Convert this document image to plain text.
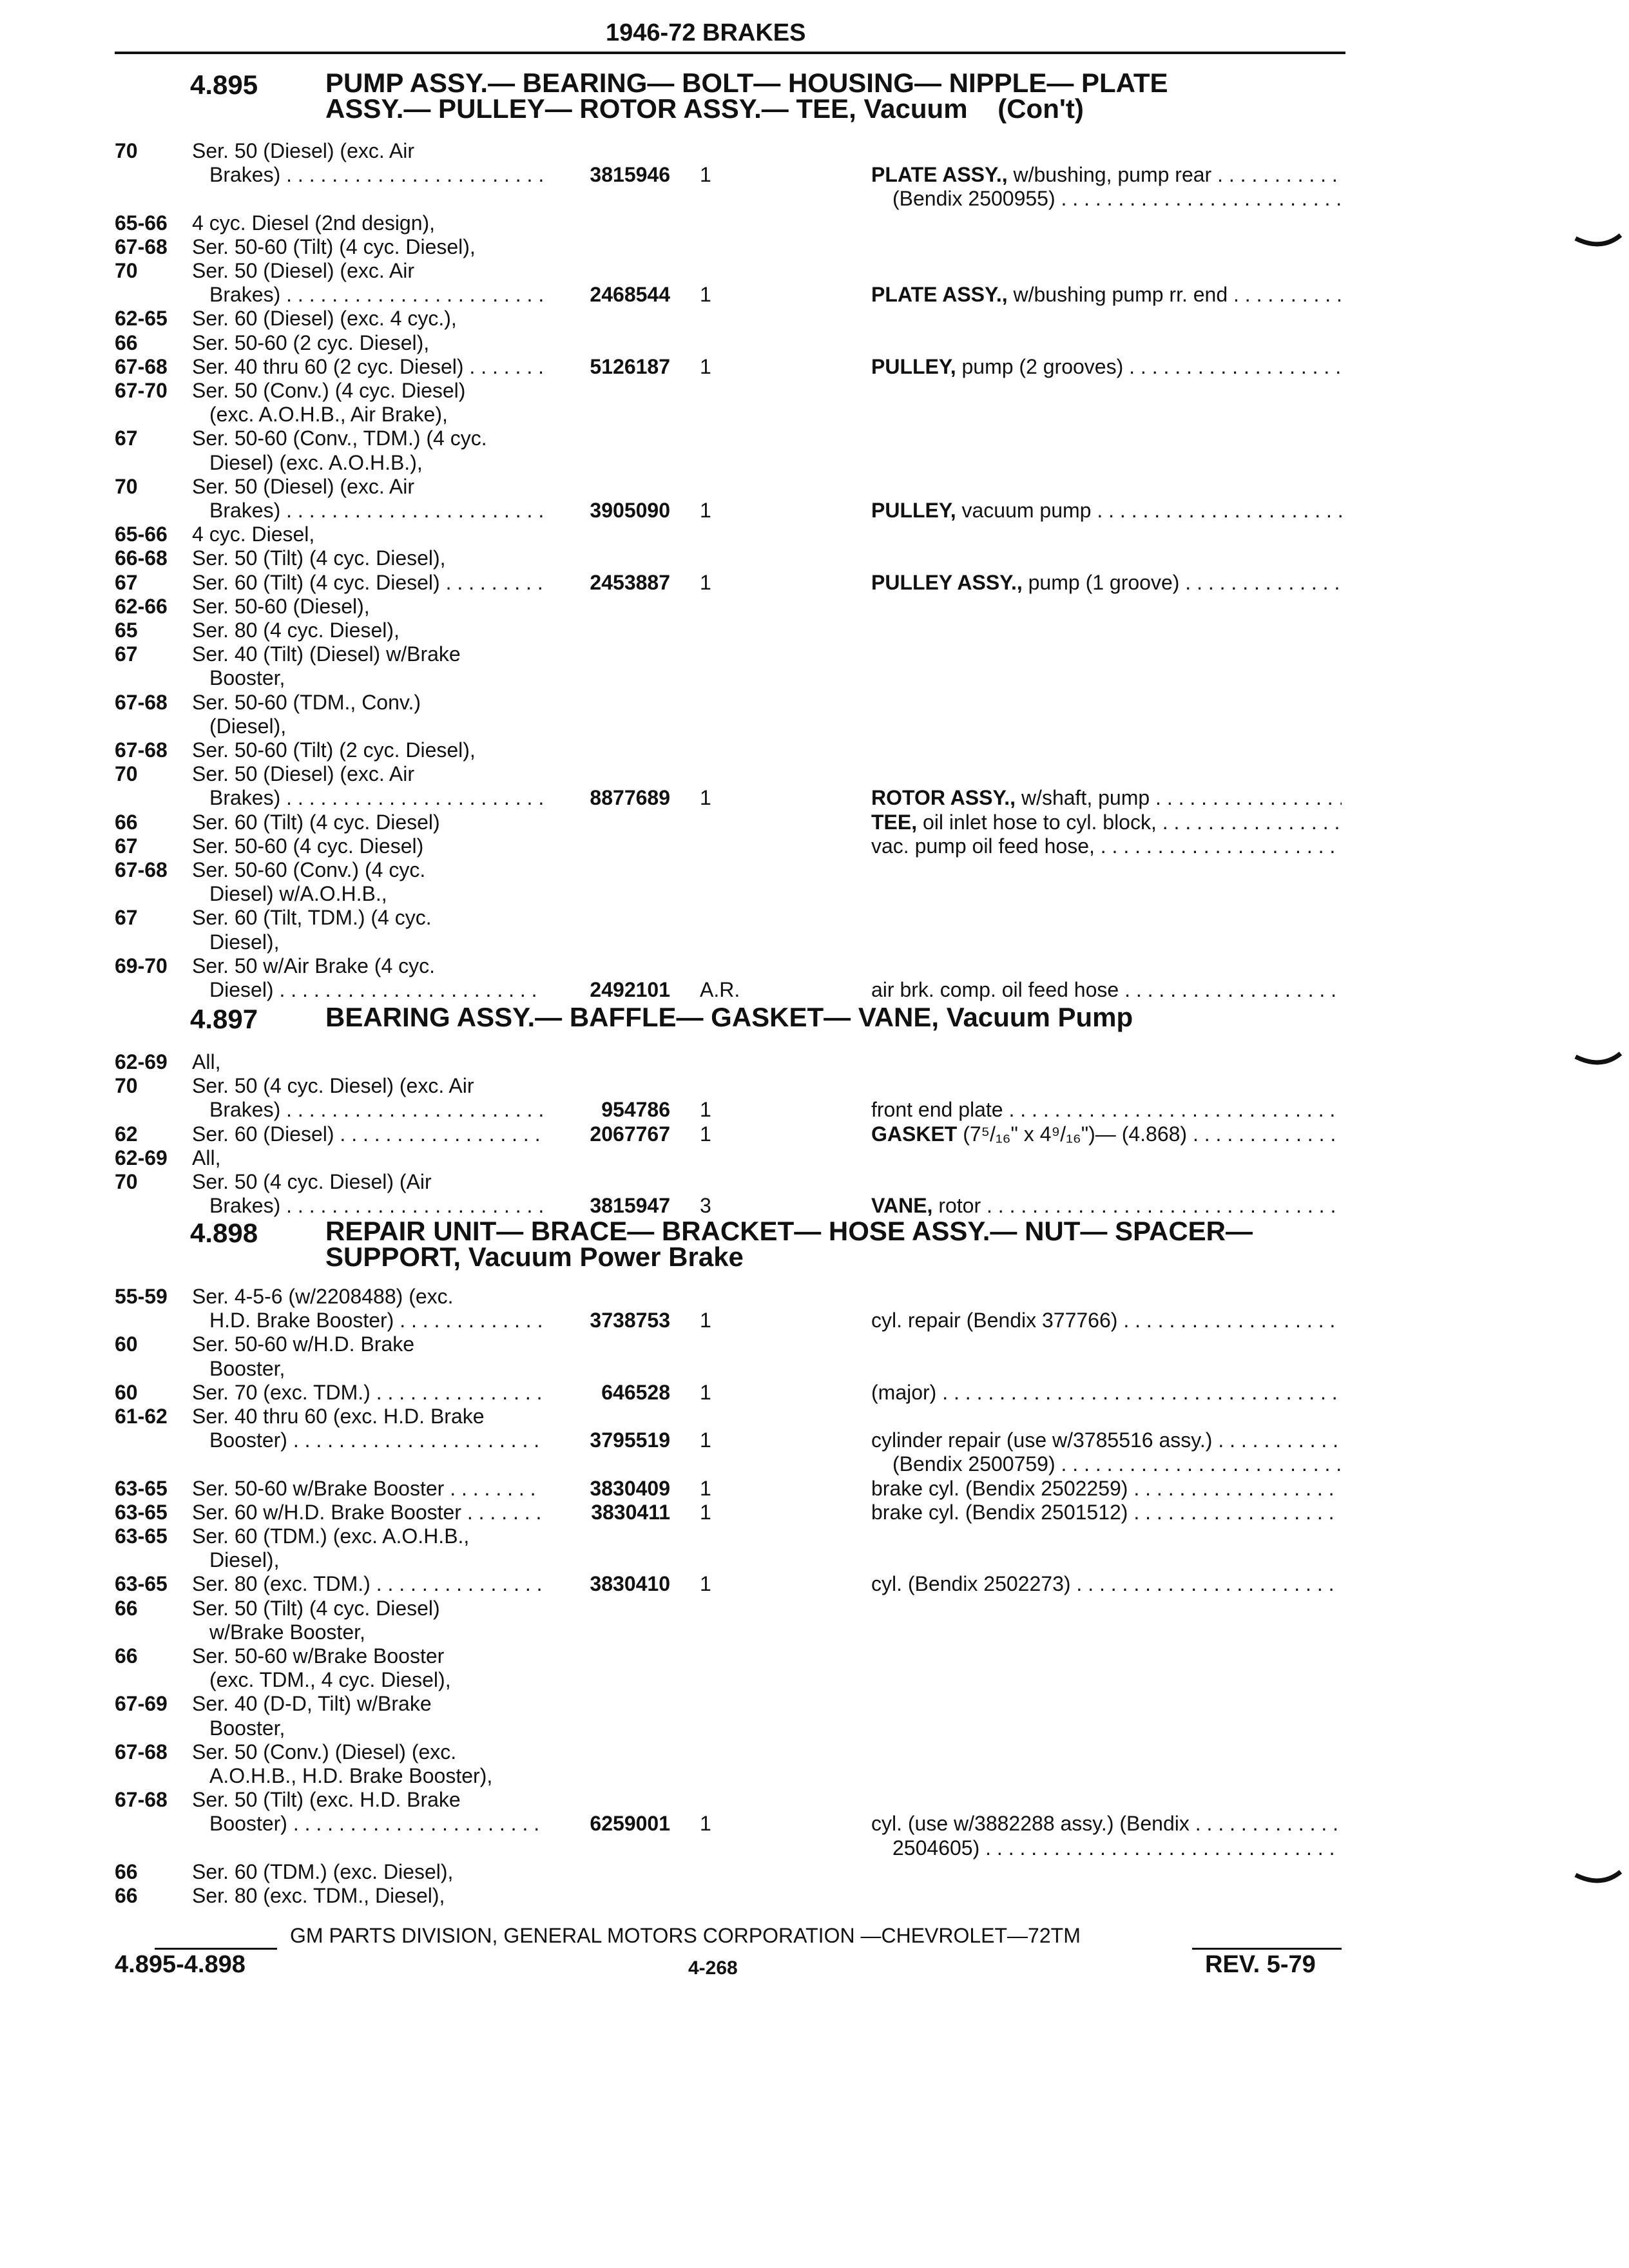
1946-72 BRAKES
4.895 PUMP ASSY.— BEARING— BOLT— HOUSING— NIPPLE— PLATE
ASSY.— PULLEY— ROTOR ASSY.— TEE, Vacuum    (Con't)
4.897 BEARING ASSY.— BAFFLE— GASKET— VANE, Vacuum Pump
4.898 REPAIR UNIT— BRACE— BRACKET— HOSE ASSY.— NUT— SPACER—
SUPPORT, Vacuum Power Brake
70	Ser. 50 (Diesel) (exc. Air
Brakes) . . .	3815946 1	PLATE ASSY., w/bushing, pump rear . . .
(Bendix 2500955) . . .
65-66 4 cyc. Diesel (2nd design),
67-68 Ser. 50-60 (Tilt) (4 cyc. Diesel),
70	Ser. 50 (Diesel) (exc. Air
Brakes) . . .	2468544 1	PLATE ASSY., w/bushing pump rr. end . . .
62-65 Ser. 60 (Diesel) (exc. 4 cyc.),
66	Ser. 50-60 (2 cyc. Diesel),
67-68 Ser. 40 thru 60 (2 cyc. Diesel) . . .	5126187 1	PULLEY, pump (2 grooves) . . .
67-70 Ser. 50 (Conv.) (4 cyc. Diesel)
(exc. A.O.H.B., Air Brake),
67	Ser. 50-60 (Conv., TDM.) (4 cyc.
Diesel) (exc. A.O.H.B.),
70	Ser. 50 (Diesel) (exc. Air
Brakes) . . .	3905090 1	PULLEY, vacuum pump . . .
65-66 4 cyc. Diesel,
66-68 Ser. 50 (Tilt) (4 cyc. Diesel),
67	Ser. 60 (Tilt) (4 cyc. Diesel) . . .	2453887 1	PULLEY ASSY., pump (1 groove) . . .
62-66 Ser. 50-60 (Diesel),
65	Ser. 80 (4 cyc. Diesel),
67	Ser. 40 (Tilt) (Diesel) w/Brake
Booster,
67-68 Ser. 50-60 (TDM., Conv.)
(Diesel),
67-68 Ser. 50-60 (Tilt) (2 cyc. Diesel),
70	Ser. 50 (Diesel) (exc. Air
Brakes) . . .	8877689 1	ROTOR ASSY., w/shaft, pump . . .
66	Ser. 60 (Tilt) (4 cyc. Diesel)	TEE, oil inlet hose to cyl. block, . . .
67	Ser. 50-60 (4 cyc. Diesel)	vac. pump oil feed hose, . . .
67-68 Ser. 50-60 (Conv.) (4 cyc.
Diesel) w/A.O.H.B.,
67	Ser. 60 (Tilt, TDM.) (4 cyc.
Diesel),
69-70 Ser. 50 w/Air Brake (4 cyc.
Diesel) . . .	2492101 A.R.	air brk. comp. oil feed hose . . .
62-69 All,
70	Ser. 50 (4 cyc. Diesel) (exc. Air
Brakes) . . .	954786 1	front end plate . . .
62	Ser. 60 (Diesel) . . .	2067767 1	GASKET (7⁵/₁₆" x 4⁹/₁₆")— (4.868) . . .
62-69 All,
70	Ser. 50 (4 cyc. Diesel) (Air
Brakes) . . .	3815947 3	VANE, rotor . . .
55-59 Ser. 4-5-6 (w/2208488) (exc.
H.D. Brake Booster) . . .	3738753 1	cyl. repair (Bendix 377766) . . .
60	Ser. 50-60 w/H.D. Brake
Booster,
60	Ser. 70 (exc. TDM.) . . .	646528 1	(major) . . .
61-62 Ser. 40 thru 60 (exc. H.D. Brake
Booster) . . .	3795519 1	cylinder repair (use w/3785516 assy.) . . .
(Bendix 2500759) . . .
63-65 Ser. 50-60 w/Brake Booster . . .	3830409 1	brake cyl. (Bendix 2502259) . . .
63-65 Ser. 60 w/H.D. Brake Booster . . .	3830411 1	brake cyl. (Bendix 2501512) . . .
63-65 Ser. 60 (TDM.) (exc. A.O.H.B.,
Diesel),
63-65 Ser. 80 (exc. TDM.) . . .	3830410 1	cyl. (Bendix 2502273) . . .
66	Ser. 50 (Tilt) (4 cyc. Diesel)
w/Brake Booster,
66	Ser. 50-60 w/Brake Booster
(exc. TDM., 4 cyc. Diesel),
67-69 Ser. 40 (D-D, Tilt) w/Brake
Booster,
67-68 Ser. 50 (Conv.) (Diesel) (exc.
A.O.H.B., H.D. Brake Booster),
67-68 Ser. 50 (Tilt) (exc. H.D. Brake
Booster) . . .	6259001 1	cyl. (use w/3882288 assy.) (Bendix . . .
2504605) . . .
66	Ser. 60 (TDM.) (exc. Diesel),
66	Ser. 80 (exc. TDM., Diesel),
GM PARTS DIVISION, GENERAL MOTORS CORPORATION —CHEVROLET—72TM
4.895-4.898	4-268	REV. 5-79
